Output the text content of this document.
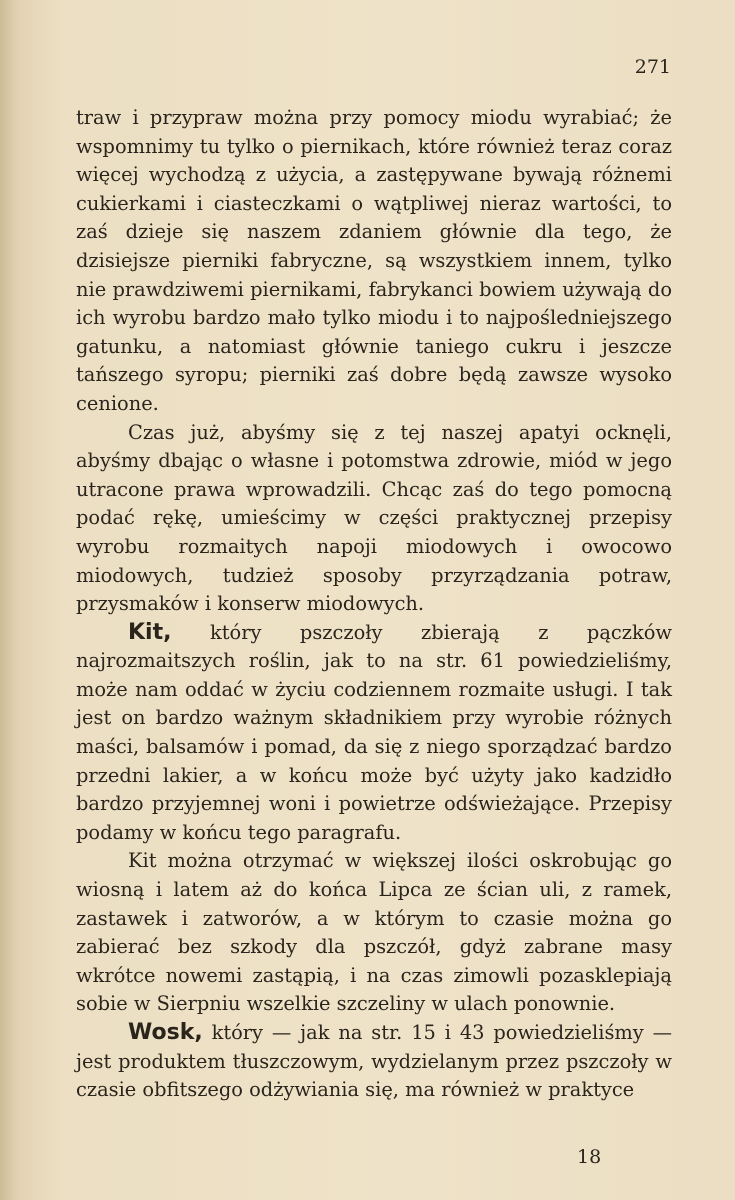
271

traw i przypraw można przy pomocy miodu wyrabiać; że wspomnimy tu tylko o piernikach, które również teraz coraz więcej wychodzą z użycia, a zastępywane bywają różnemi cukierkami i ciasteczkami o wątpliwej nieraz wartości, to zaś dzieje się naszem zdaniem głównie dla tego, że dzisiejsze pierniki fabryczne, są wszystkiem innem, tylko nie prawdziwemi piernikami, fabrykanci bowiem używają do ich wyrobu bardzo mało tylko miodu i to najpośledniejszego gatunku, a natomiast głównie taniego cukru i jeszcze tańszego syropu; pierniki zaś dobre będą zawsze wysoko cenione.

Czas już, abyśmy się z tej naszej apatyi ocknęli, abyśmy dbając o własne i potomstwa zdrowie, miód w jego utracone prawa wprowadzili. Chcąc zaś do tego pomocną podać rękę, umieścimy w części praktycznej przepisy wyrobu rozmaitych napoji miodowych i owocowo miodowych, tudzież sposoby przyrządzania potraw, przysmaków i konserw miodowych.

Kit, który pszczoły zbierają z pączków najrozmaitszych roślin, jak to na str. 61 powiedzieliśmy, może nam oddać w życiu codziennem rozmaite usługi. I tak jest on bardzo ważnym składnikiem przy wyrobie różnych maści, balsamów i pomad, da się z niego sporządzać bardzo przedni lakier, a w końcu może być użyty jako kadzidło bardzo przyjemnej woni i powietrze odświeżające. Przepisy podamy w końcu tego paragrafu.

Kit można otrzymać w większej ilości oskrobując go wiosną i latem aż do końca Lipca ze ścian uli, z ramek, zastawek i zatworów, a w którym to czasie można go zabierać bez szkody dla pszczół, gdyż zabrane masy wkrótce nowemi zastąpią, i na czas zimowli pozasklepiają sobie w Sierpniu wszelkie szczeliny w ulach ponownie.

Wosk, który — jak na str. 15 i 43 powiedzieliśmy — jest produktem tłuszczowym, wydzielanym przez pszczoły w czasie obfitszego odżywiania się, ma również w praktyce

18
